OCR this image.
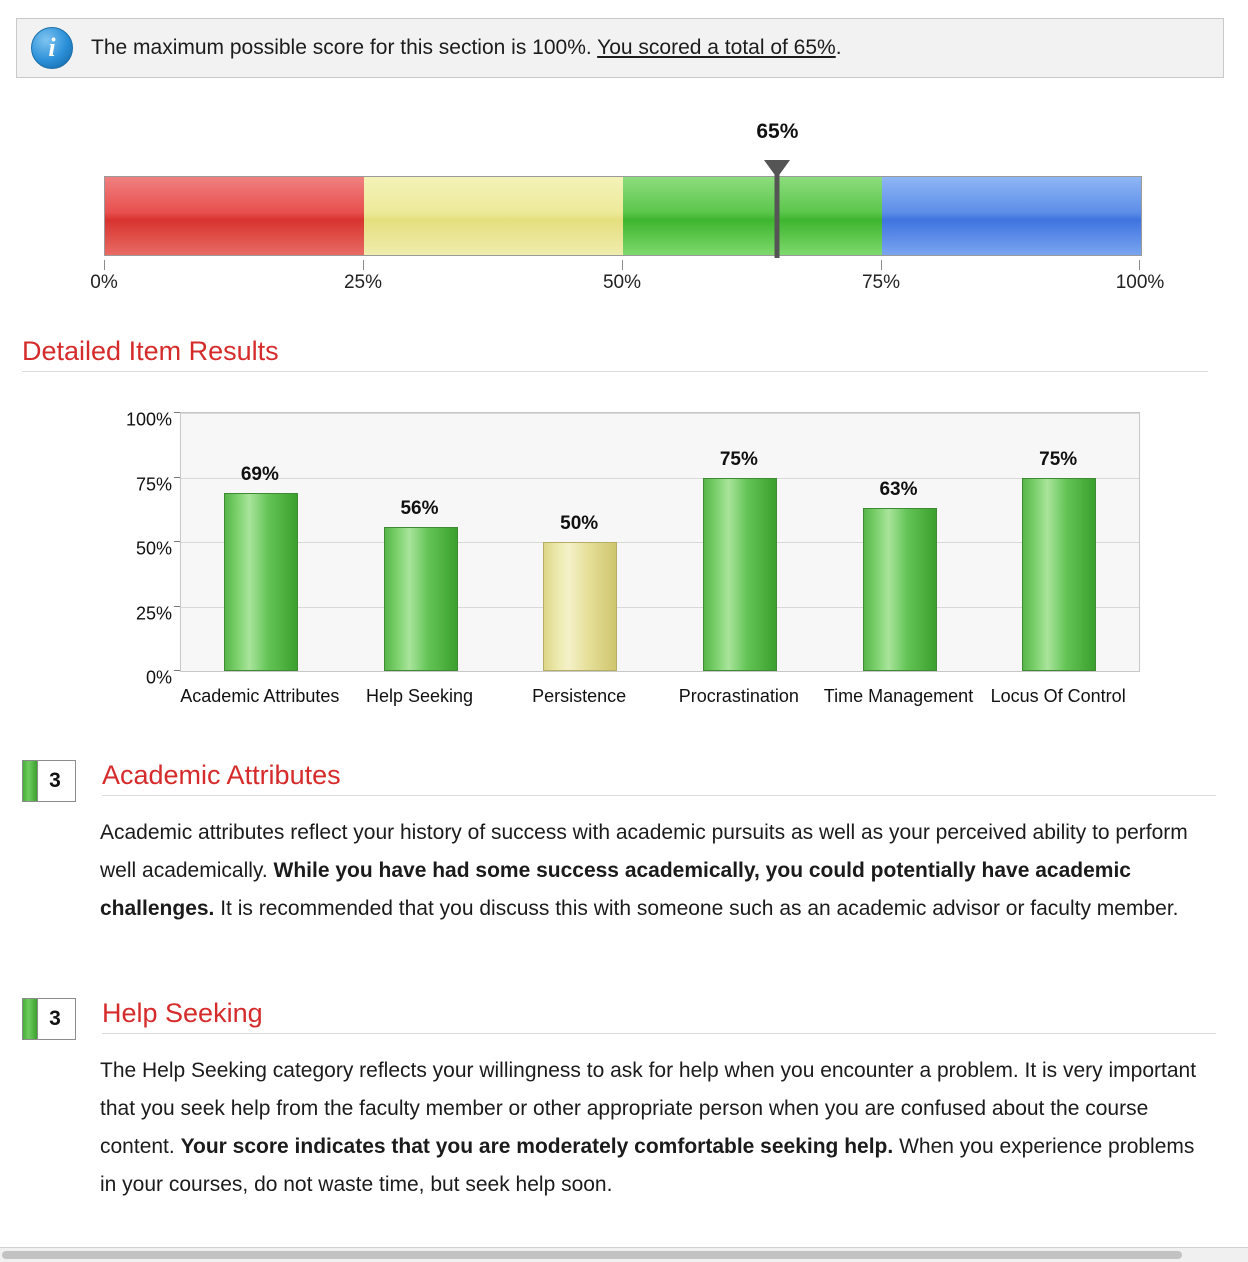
i	The maximum possible score for this section is 100%. You scored a total of 65%.
65%
0%	25%	50%	75%	100%
Detailed Item Results
0%
25%
50%
75%
100%
Academic Attributes	Help Seeking	Persistence	Procrastination	Time Management Locus Of Control
69%
56%
50%
75%
63%
75%
3 Academic Attributes
Academic attributes reflect your history of success with academic pursuits as well as your perceived ability to perform well academically. While you have had some success academically, you could potentially have academic challenges. It is recommended that you discuss this with someone such as an academic advisor or faculty member.
3 Help Seeking
The Help Seeking category reflects your willingness to ask for help when you encounter a problem. It is very important that you seek help from the faculty member or other appropriate person when you are confused about the course content. Your score indicates that you are moderately comfortable seeking help. When you experience problems in your courses, do not waste time, but seek help soon.
